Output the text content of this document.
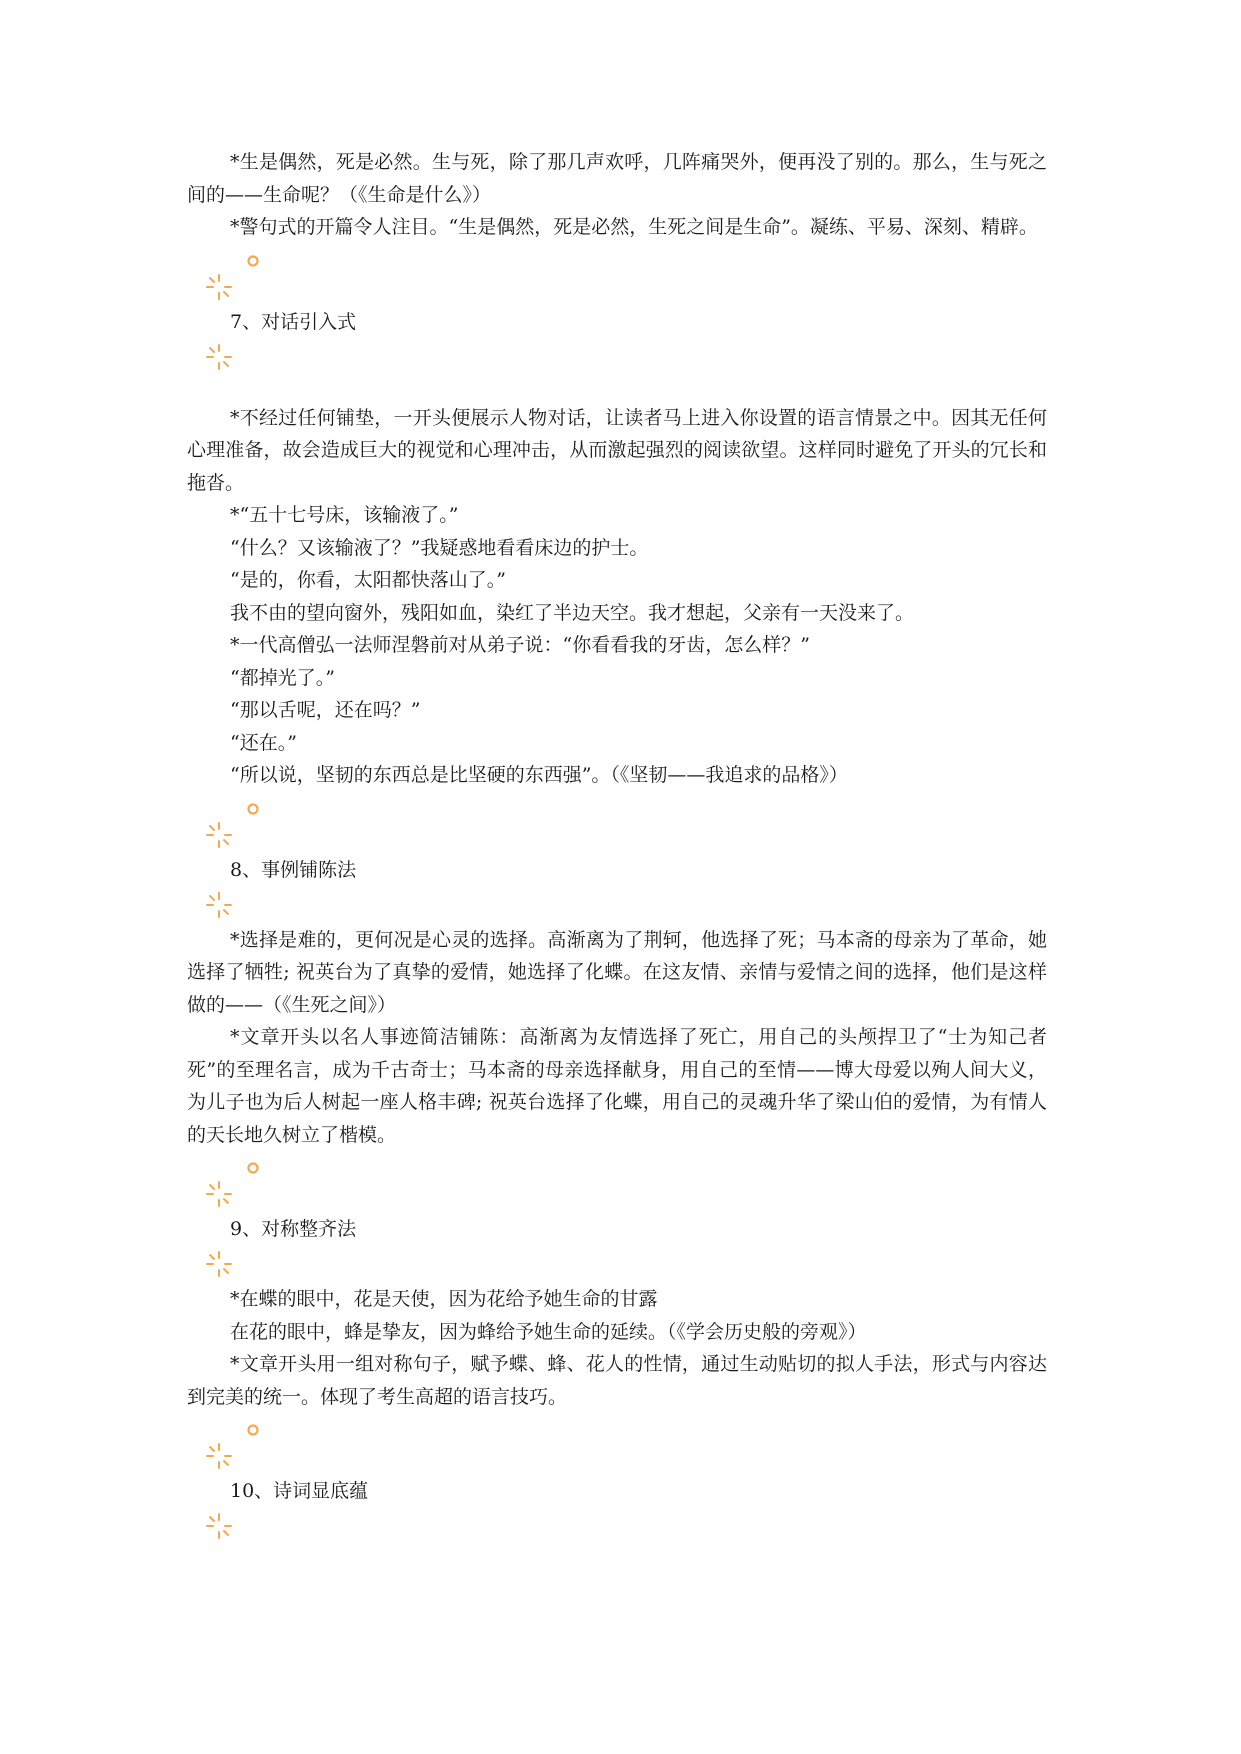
*生是偶然，死是必然。生与死，除了那几声欢呼，几阵痛哭外，便再没了别的。那么，生与死之间的——生命呢？（《生命是什么》）

*警句式的开篇令人注目。“生是偶然，死是必然，生死之间是生命”。凝练、平易、深刻、精辟。

7、对话引入式

*不经过任何铺垫，一开头便展示人物对话，让读者马上进入你设置的语言情景之中。因其无任何心理准备，故会造成巨大的视觉和心理冲击，从而激起强烈的阅读欲望。这样同时避免了开头的冗长和拖沓。

*“五十七号床，该输液了。”

“什么？又该输液了？”我疑惑地看看床边的护士。

“是的，你看，太阳都快落山了。”

我不由的望向窗外，残阳如血，染红了半边天空。我才想起，父亲有一天没来了。

*一代高僧弘一法师涅磐前对从弟子说：“你看看我的牙齿，怎么样？”

“都掉光了。”

“那以舌呢，还在吗？”

“还在。”

“所以说，坚韧的东西总是比坚硬的东西强”。（《坚韧——我追求的品格》）

8、事例铺陈法

*选择是难的，更何况是心灵的选择。高渐离为了荆轲，他选择了死；马本斋的母亲为了革命，她选择了牺牲; 祝英台为了真挚的爱情，她选择了化蝶。在这友情、亲情与爱情之间的选择，他们是这样做的——（《生死之间》）

*文章开头以名人事迹简洁铺陈：高渐离为友情选择了死亡，用自己的头颅捍卫了“士为知己者死”的至理名言，成为千古奇士；马本斋的母亲选择献身，用自己的至情——博大母爱以殉人间大义，为儿子也为后人树起一座人格丰碑; 祝英台选择了化蝶，用自己的灵魂升华了梁山伯的爱情，为有情人的天长地久树立了楷模。

9、对称整齐法

*在蝶的眼中，花是天使，因为花给予她生命的甘露

在花的眼中，蜂是挚友，因为蜂给予她生命的延续。（《学会历史般的旁观》）

*文章开头用一组对称句子，赋予蝶、蜂、花人的性情，通过生动贴切的拟人手法，形式与内容达到完美的统一。体现了考生高超的语言技巧。

10、诗词显底蕴
